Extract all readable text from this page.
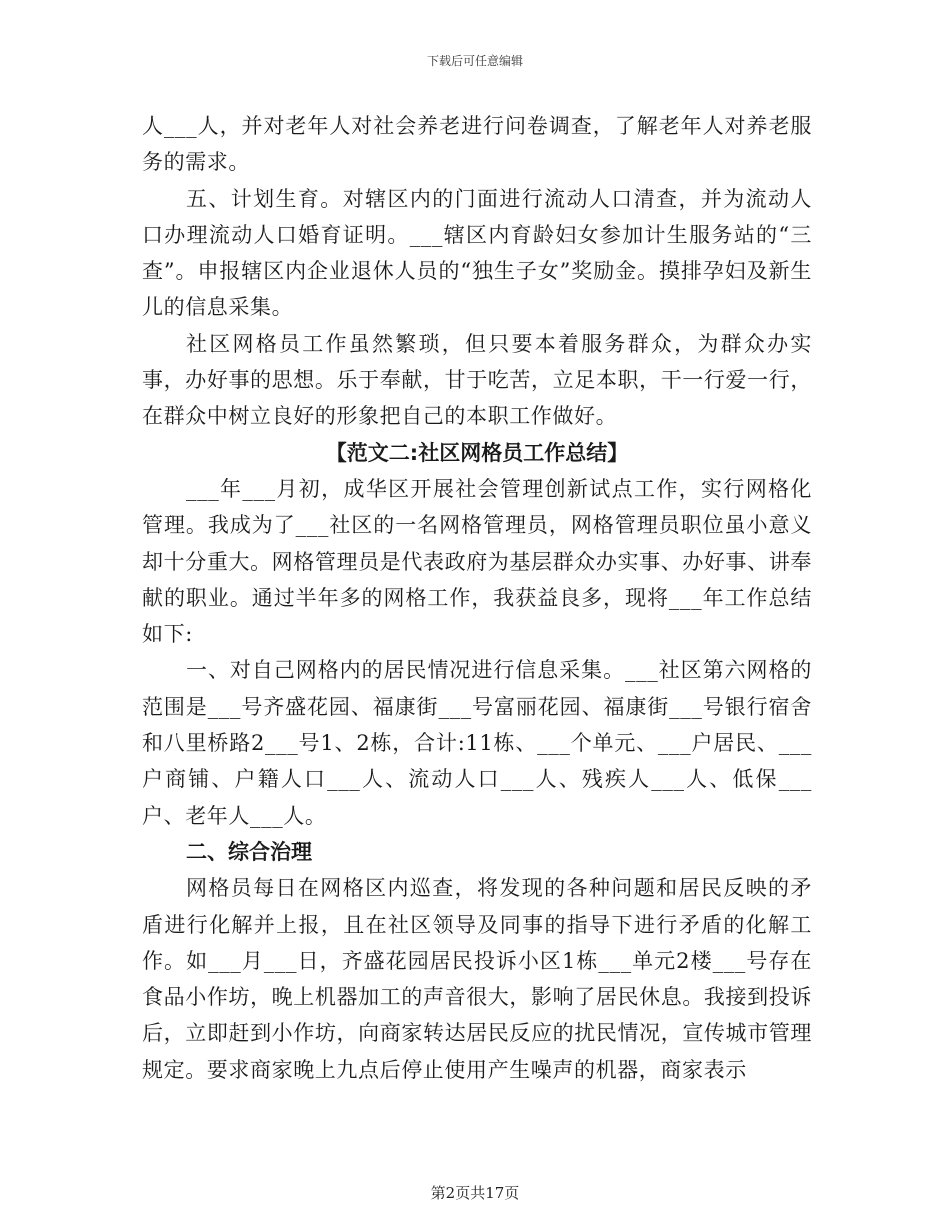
下载后可任意编辑

人___人，并对老年人对社会养老进行问卷调查，了解老年人对养老服务的需求。

五、计划生育。对辖区内的门面进行流动人口清查，并为流动人口办理流动人口婚育证明。___辖区内育龄妇女参加计生服务站的“三查”。申报辖区内企业退休人员的“独生子女”奖励金。摸排孕妇及新生儿的信息采集。

社区网格员工作虽然繁琐，但只要本着服务群众，为群众办实事，办好事的思想。乐于奉献，甘于吃苦，立足本职，干一行爱一行，在群众中树立良好的形象把自己的本职工作做好。

【范文二:社区网格员工作总结】

___年___月初，成华区开展社会管理创新试点工作，实行网格化管理。我成为了___社区的一名网格管理员，网格管理员职位虽小意义却十分重大。网格管理员是代表政府为基层群众办实事、办好事、讲奉献的职业。通过半年多的网格工作，我获益良多，现将___年工作总结如下:

一、对自己网格内的居民情况进行信息采集。___社区第六网格的范围是___号齐盛花园、福康街___号富丽花园、福康街___号银行宿舍和八里桥路2___号1、2栋，合计:11栋、___个单元、___户居民、___户商铺、户籍人口___人、流动人口___人、残疾人___人、低保___户、老年人___人。

二、综合治理

网格员每日在网格区内巡查，将发现的各种问题和居民反映的矛盾进行化解并上报，且在社区领导及同事的指导下进行矛盾的化解工作。如___月___日，齐盛花园居民投诉小区1栋___单元2楼___号存在食品小作坊，晚上机器加工的声音很大，影响了居民休息。我接到投诉后，立即赶到小作坊，向商家转达居民反应的扰民情况，宣传城市管理规定。要求商家晚上九点后停止使用产生噪声的机器，商家表示

第2页共17页
